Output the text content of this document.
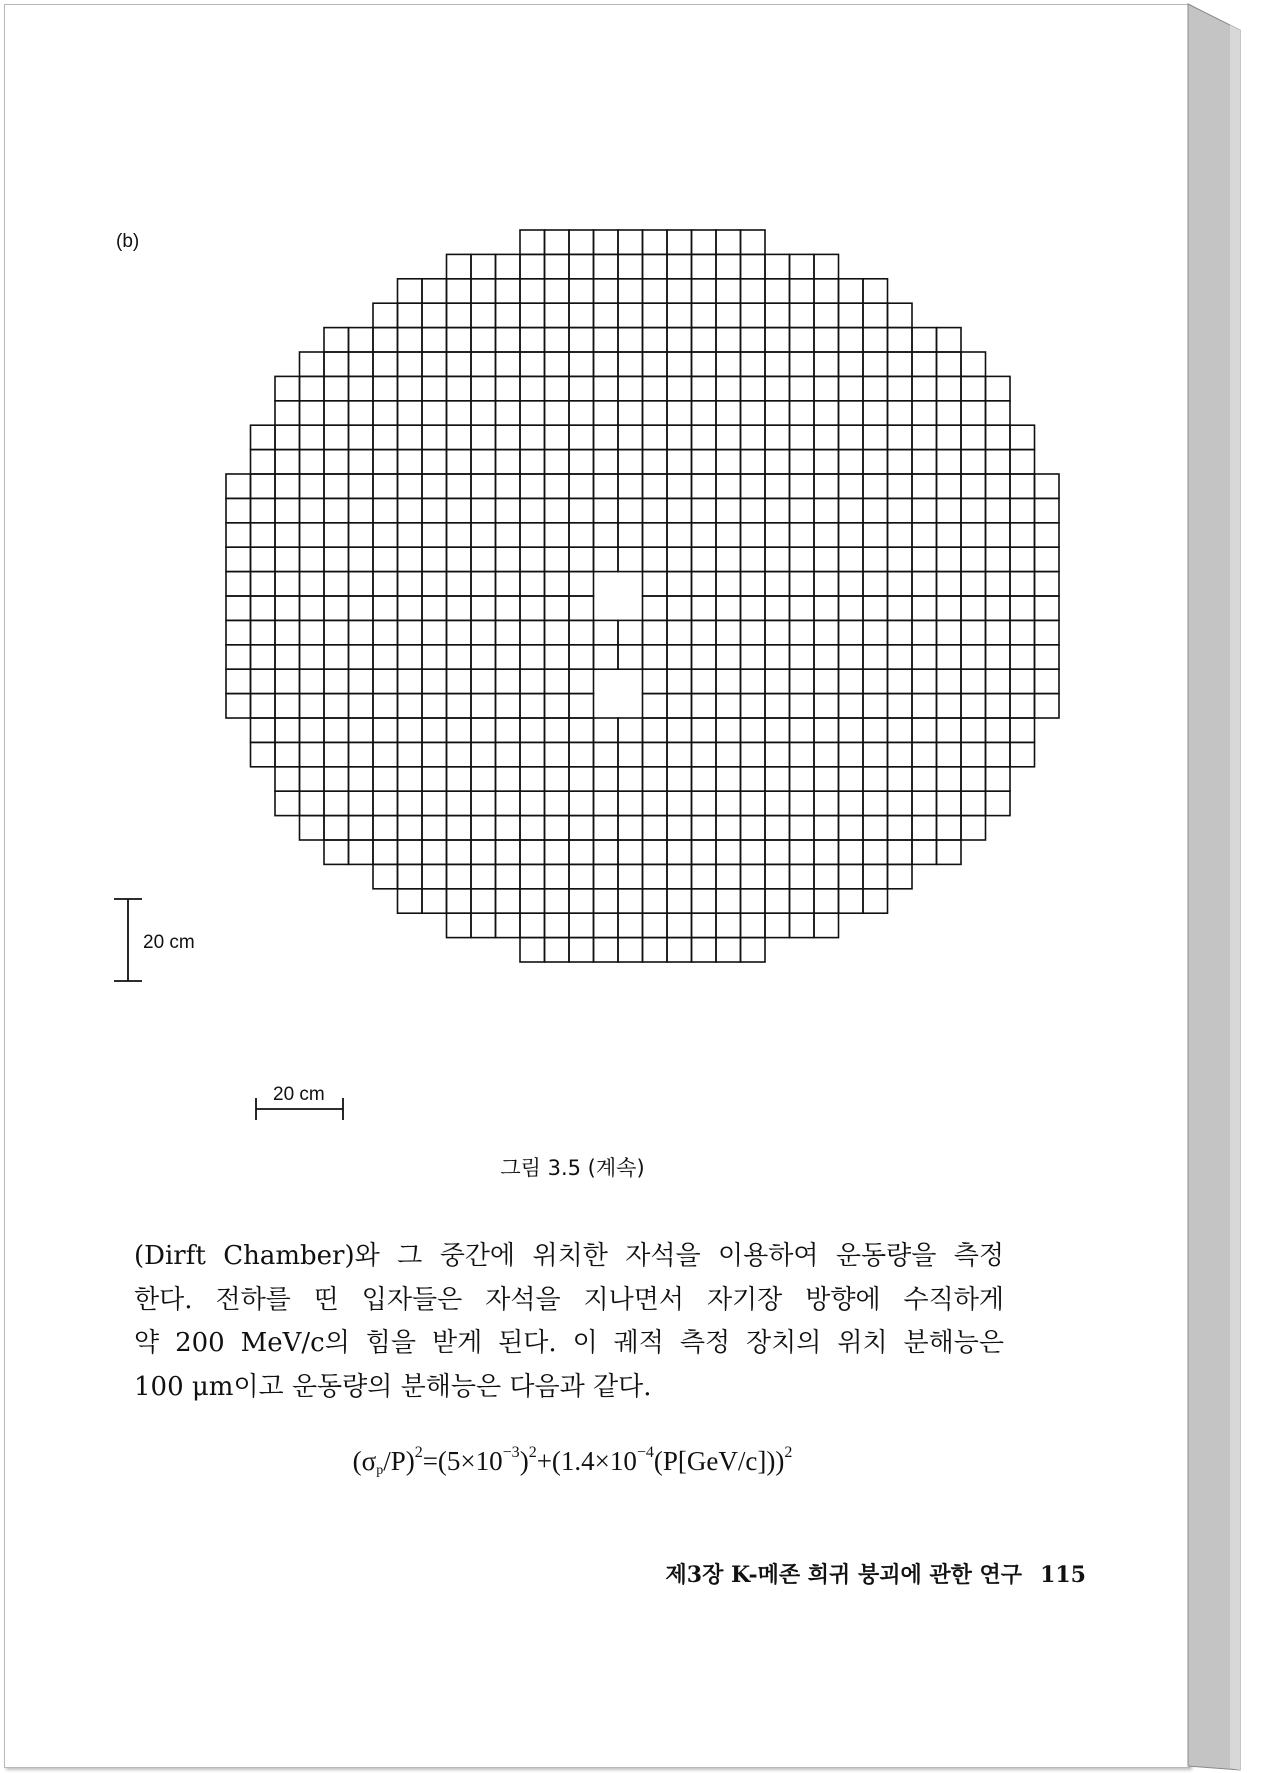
(b)
20 cm
20 cm
그림 3.5 (계속)
(Dirft Chamber)와 그 중간에 위치한 자석을 이용하여 운동량을 측정
한다. 전하를 띤 입자들은 자석을 지나면서 자기장 방향에 수직하게
약 200 MeV/c의 힘을 받게 된다. 이 궤적 측정 장치의 위치 분해능은
100 μm이고 운동량의 분해능은 다음과 같다.
$(\sigma_p/P)^2=(5\times 10^{-3})^2+(1.4\times 10^{-4}(P[GeV/c]))^2$
제3장 K-메존 희귀 붕괴에 관한 연구 115
